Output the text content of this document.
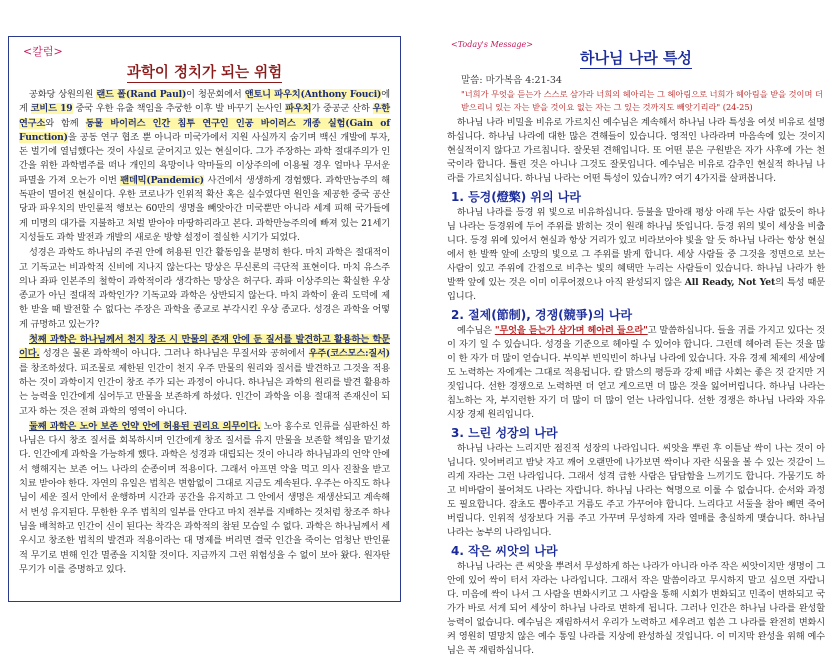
<칼럼>
과학이 정치가 되는 위험

공화당 상원의원 랜드 폴(Rand Paul)이 청문회에서 앤토니 파우치(Anthony Fouci)에게 코비드 19 중국 우한 유출 책임을 추궁한 이후 발 바꾸기 논사인 파우치가 중공군 산하 우한 연구소와 함께 동물 바이러스 인간 침투 연구인 인공 바이러스 개종 실험(Gain of Function)을 공동 연구 협조 뿐 아니라 미국가에서 지원 사실까지 숨기며 백신 개발에 투자, 돈 벌기에 열넘했다는 것이 사실로 굳어지고 있는 현실이다. 그가 주장하는 과학 절대주의가 인간을 위한 과학범주를 떠나 개인의 욕망이나 악마들의 이상주의에 이용될 경우 얼마나 무서운 파멸을 가져 오는가 이번 팬데믹(Pandemic) 사건에서 생생하게 경험했다. 과학만능주의 해독판이 멸어진 현실이다. 우한 코로나가 인위적 확산 혹은 실수였다면 원인을 제공한 중국 공산당과 파우치의 반인륜적 행보는 60만의 생명을 빼앗아간 미국뿐만 아니라 세계 피해 국가들에게 미명의 대가를 지불하고 처벌 받아야 마땅하리라고 본다. 과학만능주의에 빠져 있는 21세기 지성들도 과학 발전과 개발의 새로운 방향 설정이 절실한 시기가 되었다.

성경은 과학도 하나님의 주권 안에 허용된 인간 활동임을 분명히 한다. 마치 과학은 절대적이고 기독교는 비과학적 신비에 지나지 않는다는 망상은 무신론의 극단적 표현이다. 마치 유스주의나 좌파 인본주의 철학이 과학적이라 생각하는 망상은 허구다. 좌파 이상주의는 확실한 우상종교가 아닌 절대적 과학인가? 기독교와 과학은 상반되지 않는다. 마치 과학이 윤리 도덕에 제한 받을 때 발전할 수 없다는 주장은 과학을 종교로 부각시킨 우상 종교다. 성경은 과학을 어떻게 규명하고 있는가?

첫째 과학은 하나님께서 천지 창조 시 만물의 존재 안에 둔 질서를 발견하고 활용하는 학문이다. 성경은 물론 과학책이 아니다. 그러나 하나님은 무질서와 공허에서 우주(코스모스:질서)를 창조하셨다. 피조물로 제한된 인간이 천지 우주 만물의 원리와 질서를 발견하고 그것을 적용하는 것이 과학이지 인간이 창조 주가 되는 과정이 아니다. 하나님은 과학의 원리를 발견 활용하는 능력을 인간에게 심어두고 만물을 보존하게 하셨다. 인간이 과학을 이용 절대적 존재신이 되고자 하는 것은 전혀 과학의 영역이 아니다.

둘째 과학은 노아 보존 언약 안에 허용된 권리요 의무이다. 노아 홍수로 인류를 심판하신 하나님은 다시 창조 질서를 회복하시며 인간에게 창조 질서를 유지 만물을 보존할 책임을 맡기셨다. 인간에게 과학을 가능하게 했다. 과학은 성경과 대립되는 것이 아니라 하나님과의 언약 안에서 행해지는 보존 어느 나라의 순종이며 적용이다. 그래서 아프면 약을 먹고 의사 진찰을 받고 치료 받아야 한다. 자연의 유일은 법칙은 변함없이 그대로 지금도 계속된다. 우주는 아직도 하나님이 세운 질서 안에서 운행하며 시간과 공간을 유지하고 그 안에서 생명은 재생산되고 계속해서 번성 유지된다. 무한한 우주 법칙의 일부를 안다고 마치 전부를 지배하는 것처럼 창조주 하나님을 배척하고 인간이 신이 된다는 착각은 과학적의 참된 모습일 수 없다. 과학은 하나님께서 세우시고 창조한 법칙의 발견과 적용이라는 대 명제를 버리면 결국 인간을 죽이는 엄청난 반인륜적 무기로 변해 인간 멸종을 지치할 것이다. 지금까지 그런 위험성을 수 없이 보아 왔다. 원자탄 무기가 이를 증명하고 있다.

<Today's Message>
하나님 나라 특성
말씀: 마가복음 4:21-34
"너희가 무엇을 듣는가 스스로 삼가라 너희의 헤아리는 그 헤아림으로 너희가 헤아림을 받을 것이며 더 받으리니 있는 자는 받을 것이요 없는 자는 그 있는 것까지도 빼앗기리라" (24-25)

하나님 나라 비밀을 비유로 가르치신 예수님은 계속해서 하나님 나라 특성을 여섯 비유로 설명하십니다. 하나님 나라에 대한 많은 견해들이 있습니다. 영적인 나라라며 마음속에 있는 것이지 현실적이지 않다고 가르칩니다. 잘못된 견해입니다. 또 어떤 분은 구원받은 자가 사후에 가는 천국이라 합니다. 틀린 것은 아니나 그것도 잘못입니다. 예수님은 비유로 감추인 현실적 하나님 나라를 가르치십니다. 하나님 나라는 어떤 특성이 있습니까? 여기 4가지를 살펴봅니다.

1. 등경(燈檠) 위의 나라

하나님 나라를 등경 위 빛으로 비유하십니다. 등불을 말아래 평상 아래 두는 사람 없듯이 하나님 나라는 등경위에 두어 주위를 밝히는 것이 원래 하나님 뜻입니다. 등경 위의 빛이 세상을 비춥니다. 등경 위에 있어서 현실과 항상 거리가 있고 비라보아야 빛을 알 듯 하나님 나라는 항상 현실에서 한 발짝 앞에 소망의 빛으로 그 주위를 밝게 합니다. 세상 사람들 중 그것을 정면으로 보는 사람이 있고 주위에 간접으로 비추는 빛의 혜택만 누리는 사람들이 있습니다. 하나님 나라가 한 발짝 앞에 있는 것은 이미 이루어졌으나 아직 완성되지 않은 All Ready, Not Yet의 특성 때문입니다.

2. 절제(節制), 경쟁(競爭)의 나라

예수님은 "무엇을 듣는가 삼가며 헤아려 들으라"고 말씀하십니다. 들을 귀를 가지고 있다는 것이 자기 일 수 있습니다. 성경을 기준으로 헤아릴 수 있어야 합니다. 그런데 헤아려 듣는 것을 많이 한 자가 더 많이 얻습니다. 부익부 빈익빈이 하나님 나라에 있습니다. 자유 경제 체제의 세상에도 노력하는 자에게는 그대로 적용됩니다. 칼 맑스의 평등과 강제 배급 사회는 좋은 것 같지만 거짓입니다. 선한 경쟁으로 노력하면 더 얻고 게으르면 더 많은 것을 잃어버립니다. 하나님 나라는 침노하는 자, 부지런한 자기 더 많이 더 많이 얻는 나라입니다. 선한 경쟁은 하나님 나라와 자유 시장 경제 원리입니다.

3. 느린 성장의 나라

하나님 나라는 느리지만 점진적 성장의 나라입니다. 씨앗을 뿌린 후 이튿날 싹이 나는 것이 아닙니다. 잊어버리고 밤낮 자고 깨어 오랜만에 나가보면 싹이나 자란 식물을 볼 수 있는 것같이 느리게 자라는 그런 나라입니다. 그래서 성격 급한 사람은 답답함을 느끼기도 합니다. 가뭄기도 하고 비바람이 불어쳐도 나라는 자랍니다. 하나님 나라는 혁명으로 이룰 수 없습니다. 순서와 과정도 필요합니다. 잠초도 뽑아주고 거름도 주고 가꾸어야 합니다. 느리다고 서둘을 참아 빼면 죽어버립니다. 인위적 성장보다 거름 주고 가꾸며 무성하게 자라 열매를 충실하게 맺습니다. 하나님 나라는 농부의 나라입니다.

4. 작은 씨앗의 나라

하나님 나라는 큰 씨앗을 뿌려서 무성하게 하는 나라가 아니라 아주 작은 씨앗이지만 생명이 그 안에 있어 싹이 터서 자라는 나라입니다. 그래서 작은 말씀이라고 무시하지 말고 심으면 자랍니다. 미음에 싹이 나서 그 사람을 변화시키고 그 사람을 통해 시회가 변화되고 민족이 변하되고 국가가 바로 서게 되어 세상이 하나님 나라로 변하게 됩니다. 그러나 인간은 하나님 나라를 완성할 능력이 없습니다. 예수님은 재림하셔서 우리가 노력하고 세우려고 힘쓴 그 나라를 완전히 변화시켜 영원히 멸망치 않은 예수 통일 나라를 지상에 완성하실 것입니다. 이 미지막 완성을 위해 예수님은 꼭 재림하십니다.
